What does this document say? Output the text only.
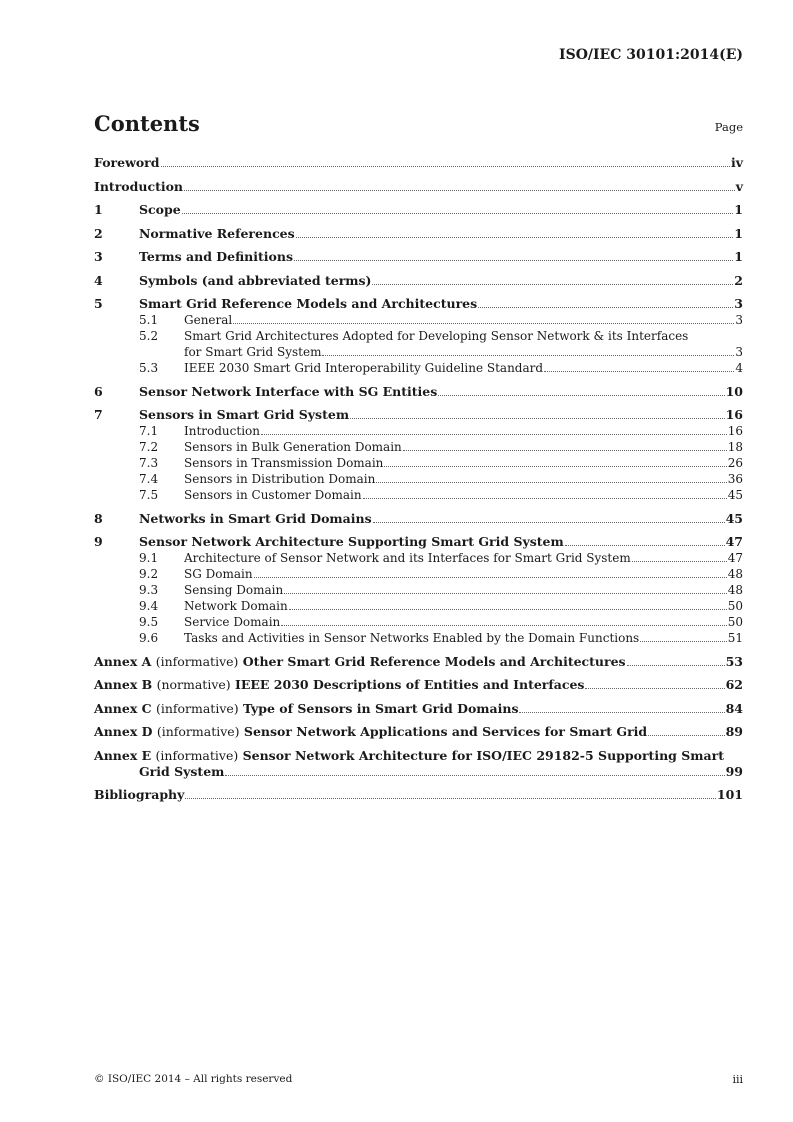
ISO/IEC 30101:2014(E)
Contents	Page
Foreword	iv
Introduction	v
1	Scope	1
2	Normative References	1
3	Terms and Definitions	1
4	Symbols (and abbreviated terms)	2
5	Smart Grid Reference Models and Architectures	3
5.1	General	3
5.2	Smart Grid Architectures Adopted for Developing Sensor Network & its Interfaces
for Smart Grid System	3
5.3	IEEE 2030 Smart Grid Interoperability Guideline Standard	4
6	Sensor Network Interface with SG Entities	10
7	Sensors in Smart Grid System	16
7.1	Introduction	16
7.2	Sensors in Bulk Generation Domain	18
7.3	Sensors in Transmission Domain	26
7.4	Sensors in Distribution Domain	36
7.5	Sensors in Customer Domain	45
8	Networks in Smart Grid Domains	45
9	Sensor Network Architecture Supporting Smart Grid System	47
9.1	Architecture of Sensor Network and its Interfaces for Smart Grid System	47
9.2	SG Domain	48
9.3	Sensing Domain	48
9.4	Network Domain	50
9.5	Service Domain	50
9.6	Tasks and Activities in Sensor Networks Enabled by the Domain Functions	51
Annex A (informative) Other Smart Grid Reference Models and Architectures	53
Annex B (normative) IEEE 2030 Descriptions of Entities and Interfaces	62
Annex C (informative) Type of Sensors in Smart Grid Domains	84
Annex D (informative) Sensor Network Applications and Services for Smart Grid	89
Annex E (informative) Sensor Network Architecture for ISO/IEC 29182-5 Supporting Smart
Grid System	99
Bibliography	101
© ISO/IEC 2014 – All rights reserved	iii
